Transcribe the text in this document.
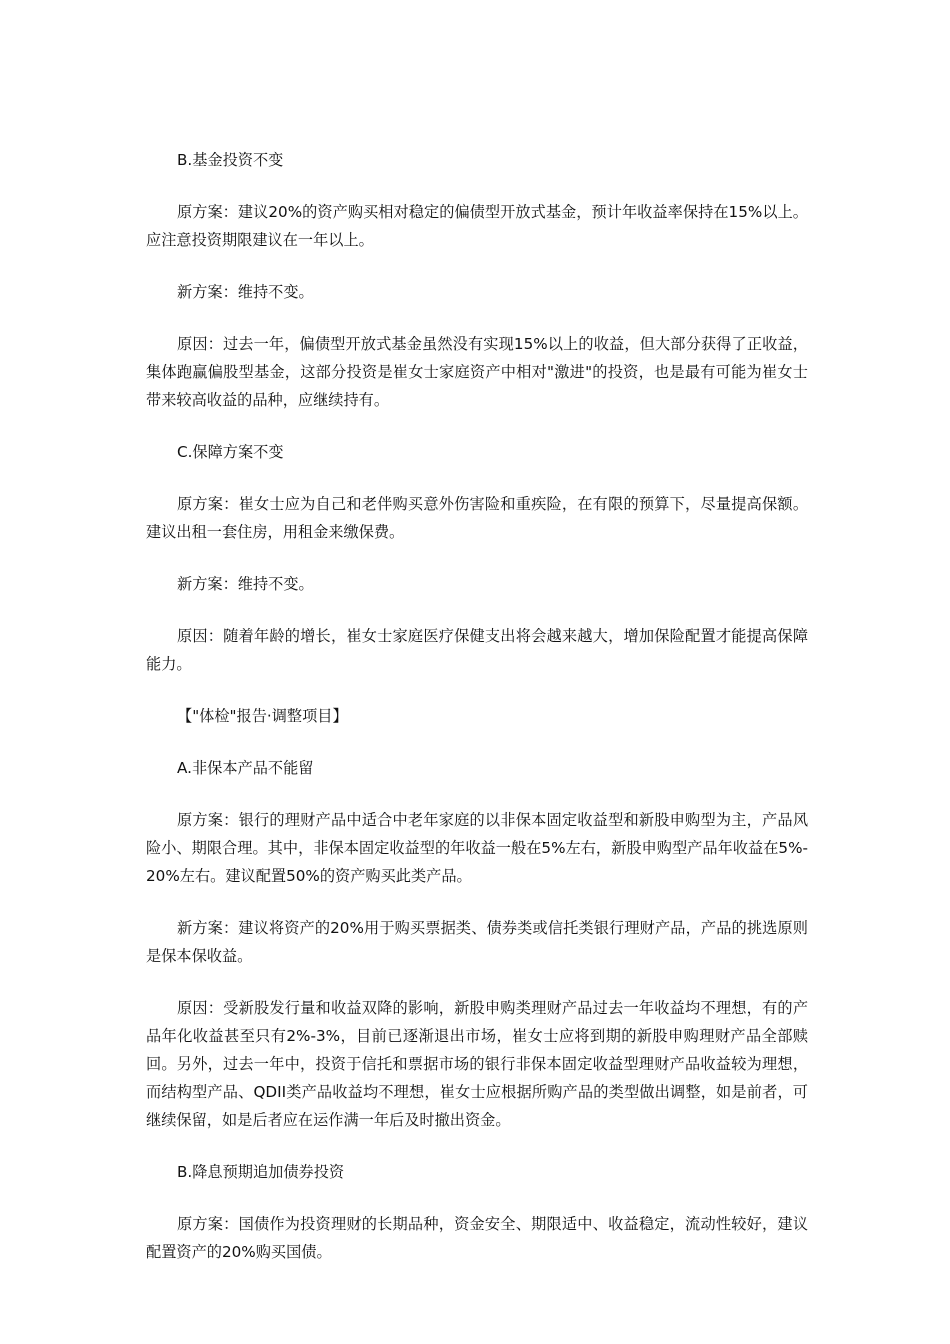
B.基金投资不变

原方案：建议20%的资产购买相对稳定的偏债型开放式基金，预计年收益率保持在15%以上。应注意投资期限建议在一年以上。

新方案：维持不变。

原因：过去一年，偏债型开放式基金虽然没有实现15%以上的收益，但大部分获得了正收益，集体跑赢偏股型基金，这部分投资是崔女士家庭资产中相对"激进"的投资，也是最有可能为崔女士带来较高收益的品种，应继续持有。

C.保障方案不变

原方案：崔女士应为自己和老伴购买意外伤害险和重疾险，在有限的预算下，尽量提高保额。建议出租一套住房，用租金来缴保费。

新方案：维持不变。

原因：随着年龄的增长，崔女士家庭医疗保健支出将会越来越大，增加保险配置才能提高保障能力。

【"体检"报告·调整项目】

A.非保本产品不能留

原方案：银行的理财产品中适合中老年家庭的以非保本固定收益型和新股申购型为主，产品风险小、期限合理。其中，非保本固定收益型的年收益一般在5%左右，新股申购型产品年收益在5%-20%左右。建议配置50%的资产购买此类产品。

新方案：建议将资产的20%用于购买票据类、债券类或信托类银行理财产品，产品的挑选原则是保本保收益。

原因：受新股发行量和收益双降的影响，新股申购类理财产品过去一年收益均不理想，有的产品年化收益甚至只有2%-3%，目前已逐渐退出市场，崔女士应将到期的新股申购理财产品全部赎回。另外，过去一年中，投资于信托和票据市场的银行非保本固定收益型理财产品收益较为理想，而结构型产品、QDII类产品收益均不理想，崔女士应根据所购产品的类型做出调整，如是前者，可继续保留，如是后者应在运作满一年后及时撤出资金。

B.降息预期追加债券投资

原方案：国债作为投资理财的长期品种，资金安全、期限适中、收益稳定，流动性较好，建议配置资产的20%购买国债。
